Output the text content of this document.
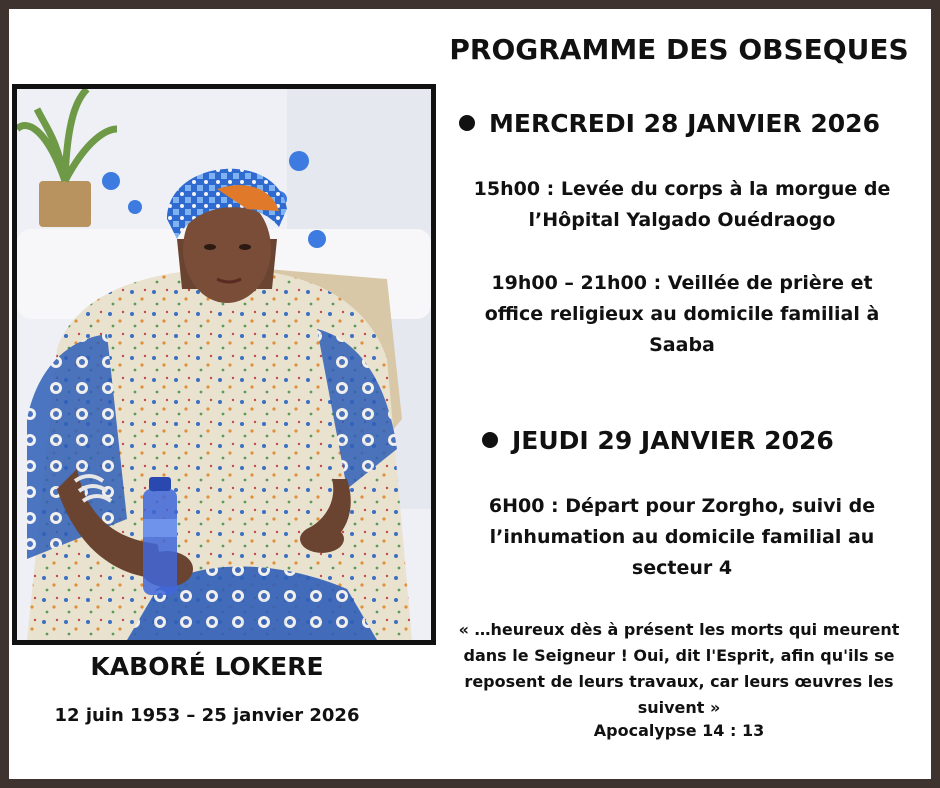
KABORÉ LOKERE
12 juin 1953 – 25 janvier 2026
PROGRAMME DES OBSEQUES
MERCREDI 28 JANVIER 2026
15h00 : Levée du corps à la morgue de
l’Hôpital Yalgado Ouédraogo
19h00 – 21h00 : Veillée de prière et
office religieux au domicile familial à
Saaba
JEUDI 29 JANVIER 2026
6H00 : Départ pour Zorgho, suivi de
l’inhumation au domicile familial au
secteur 4
« …heureux dès à présent les morts qui meurent
dans le Seigneur ! Oui, dit l'Esprit, afin qu'ils se
reposent de leurs travaux, car leurs œuvres les
suivent »
Apocalypse 14 : 13
